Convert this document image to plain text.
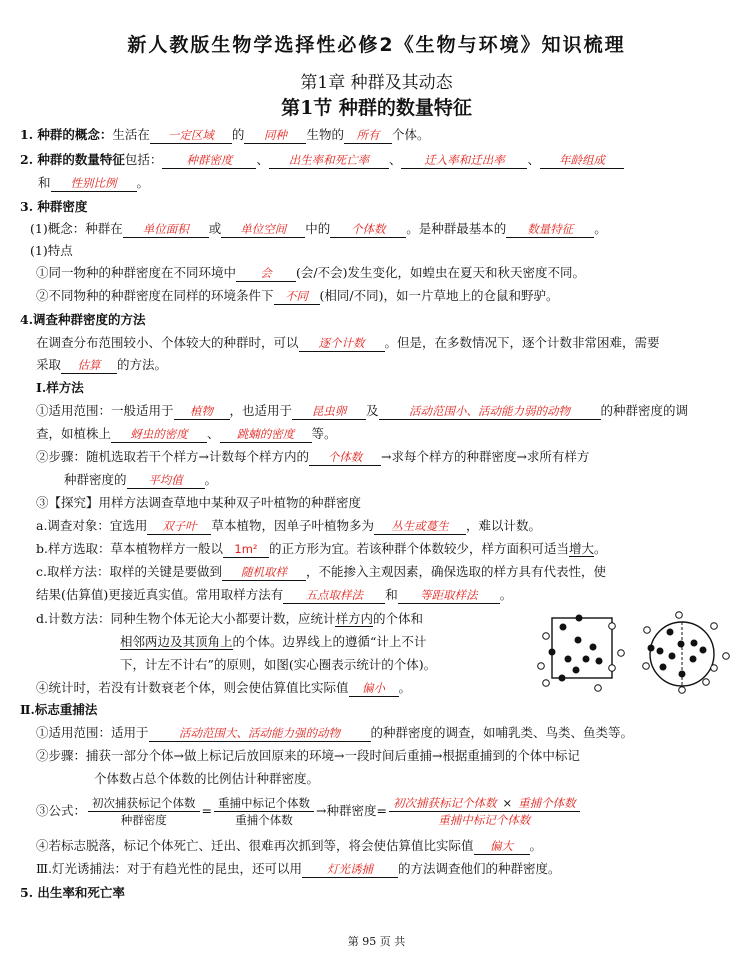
新人教版生物学选择性必修2《生物与环境》知识梳理
第1章 种群及其动态
第1节 种群的数量特征
1. 种群的概念：生活在 一定区域 的 同种 生物的 所有 个体。
2. 种群的数量特征包括： 种群密度 、 出生率和死亡率 、 迁入率和迁出率 、 年龄组成
和 性别比例 。
3. 种群密度
(1)概念：种群在 单位面积 或 单位空间 中的 个体数 。是种群最基本的 数量特征 。
(1)特点
①同一物种的种群密度在不同环境中 会 (会/不会)发生变化，如蝗虫在夏天和秋天密度不同。
②不同物种的种群密度在同样的环境条件下 不同 (相同/不同)，如一片草地上的仓鼠和野驴。
4.调查种群密度的方法
在调查分布范围较小、个体较大的种群时，可以 逐个计数 。但是，在多数情况下，逐个计数非常困难，需要
采取 估算 的方法。
Ⅰ.样方法
①适用范围：一般适用于 植物 ，也适用于 昆虫卵 及	活动范围小、活动能力弱的动物 的种群密度的调
查，如植株上 蚜虫的密度 、 跳蝻的密度 等。
②步骤：随机选取若干个样方→计数每个样方内的 个体数 →求每个样方的种群密度→求所有样方
种群密度的 平均值 。
③【探究】用样方法调查草地中某种双子叶植物的种群密度
a.调查对象：宜选用 双子叶 草本植物，因单子叶植物多为 丛生或蔓生 ，难以计数。
b.样方选取：草本植物样方一般以 1m² 的正方形为宜。若该种群个体数较少，样方面积可适当增大。
c.取样方法：取样的关键是要做到 随机取样 ，不能掺入主观因素，确保选取的样方具有代表性，使
结果(估算值)更接近真实值。常用取样方法有 五点取样法 和 等距取样法 。
d.计数方法：同种生物个体无论大小都要计数，应统计样方内的个体和
相邻两边及其顶角上的个体。边界线上的遵循“计上不计
下，计左不计右”的原则，如图(实心圈表示统计的个体)。
④统计时，若没有计数衰老个体，则会使估算值比实际值 偏小 。
Ⅱ.标志重捕法
①适用范围：适用于	活动范围大、活动能力强的动物 的种群密度的调查，如哺乳类、鸟类、鱼类等。
②步骤：捕获一部分个体→做上标记后放回原来的环境→一段时间后重捕→根据重捕到的个体中标记
个体数占总个体数的比例估计种群密度。
③公式： $\frac{\text{初次捕获标记个体数}}{\text{种群密度}} = \frac{\text{重捕中标记个体数}}{\text{重捕个体数}}$ →种群密度= $\frac{\text{初次捕获标记个体数 × 重捕个体数}}{\text{重捕中标记个体数}}$
④若标志脱落，标记个体死亡、迁出、很难再次抓到等，将会使估算值比实际值 偏大 。
Ⅲ.灯光诱捕法：对于有趋光性的昆虫，还可以用 灯光诱捕 的方法调查他们的种群密度。
5. 出生率和死亡率
第 95 页 共
